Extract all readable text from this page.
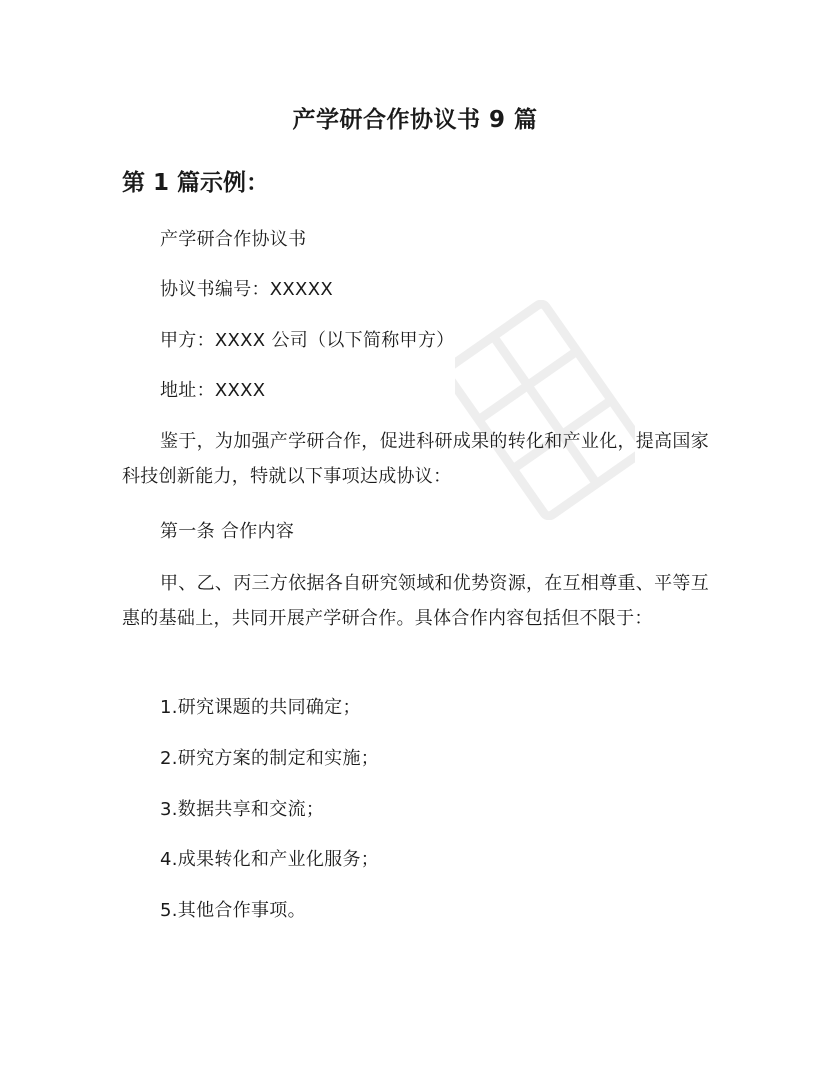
产学研合作协议书 9 篇
第 1 篇示例：
产学研合作协议书
协议书编号：XXXXX
甲方：XXXX 公司（以下简称甲方）
地址：XXXX
鉴于，为加强产学研合作，促进科研成果的转化和产业化，提高国家科技创新能力，特就以下事项达成协议：
第一条 合作内容
甲、乙、丙三方依据各自研究领域和优势资源，在互相尊重、平等互惠的基础上，共同开展产学研合作。具体合作内容包括但不限于：
1.研究课题的共同确定；
2.研究方案的制定和实施；
3.数据共享和交流；
4.成果转化和产业化服务；
5.其他合作事项。
